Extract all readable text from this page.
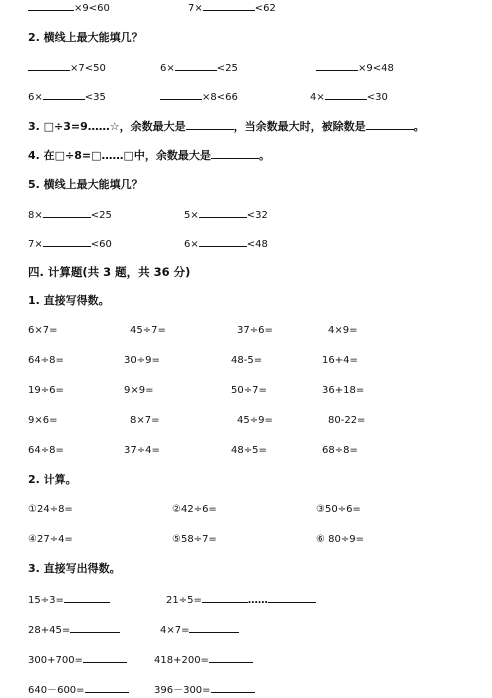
×9<60	7×	<62
2. 横线上最大能填几？
×7<50	6×	<25	×9<48
6×	<35	×8<66	4×	<30
3. □÷3=9……☆，余数最大是	，当余数最大时，被除数是	。
4. 在□÷8=□……□中，余数最大是	。
5. 横线上最大能填几？
8×	<25	5×	<32
7×	<60	6×	<48
四. 计算题(共 3 题，共 36 分)
1. 直接写得数。
6×7=	45÷7=	37÷6=	4×9=
64÷8=	30÷9=	48-5=	16+4=
19÷6=	9×9=	50÷7=	36+18=
9×6=	8×7=	45÷9=	80-22=
64÷8=	37÷4=	48÷5=	68÷8=
2. 计算。
①24÷8=	②42÷6=	③50÷6=
④27÷4=	⑤58÷7=	⑥ 80÷9=
3. 直接写出得数。
15÷3=	21÷5=	……
28+45=	4×7=
300+700=	418+200=
640－600=	396－300=
